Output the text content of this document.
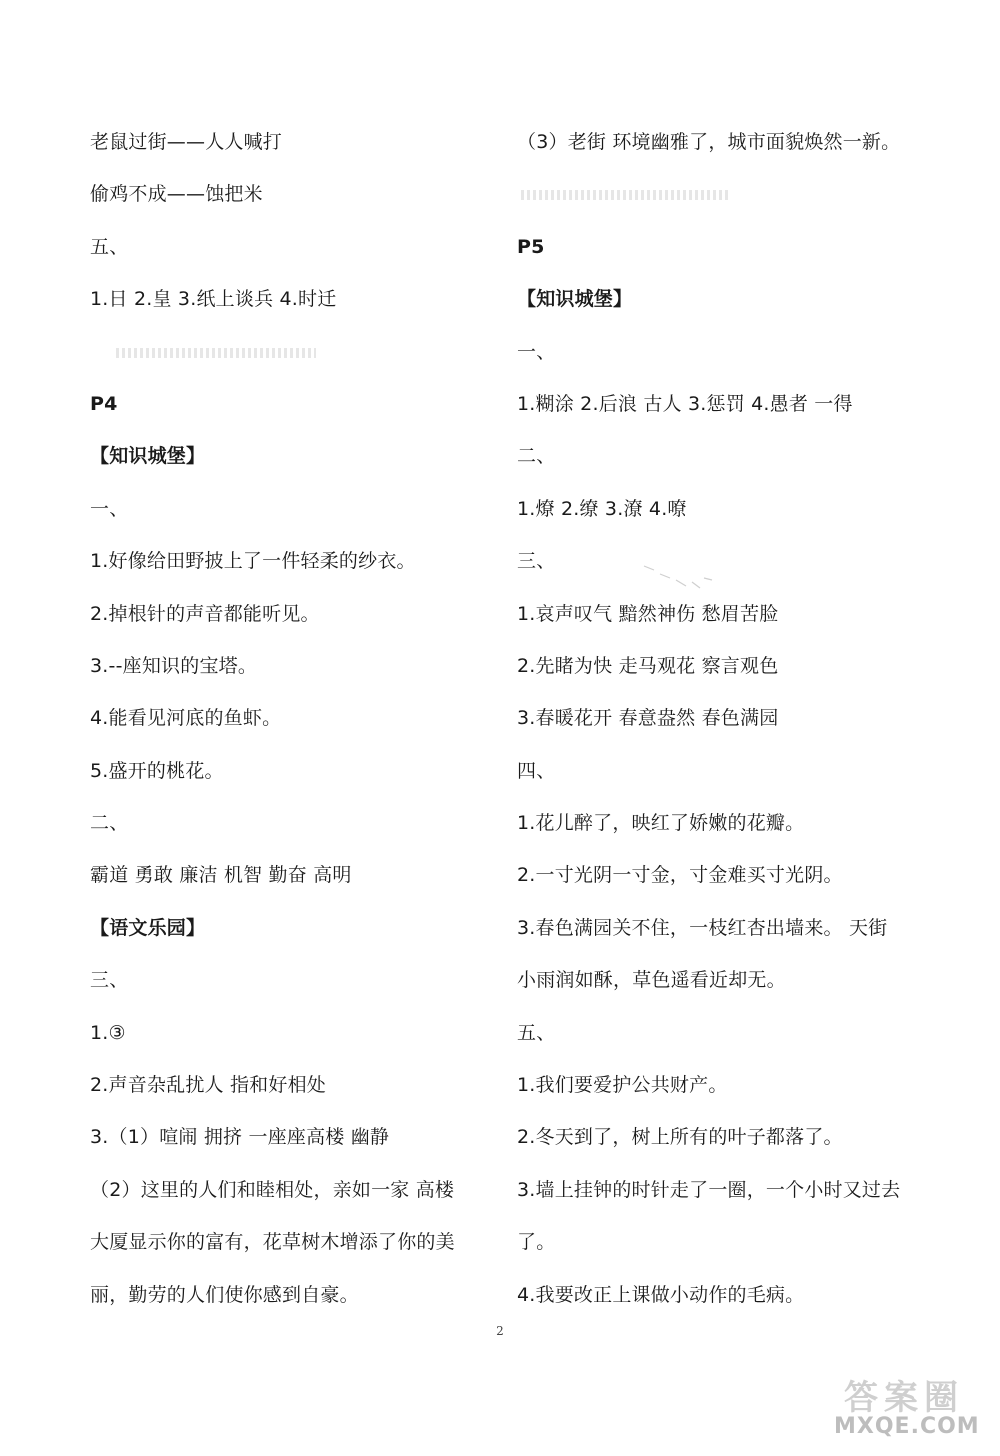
老鼠过街——人人喊打
偷鸡不成——蚀把米
五、
1.日 2.皇 3.纸上谈兵 4.时迁
P4
【知识城堡】
一、
1.好像给田野披上了一件轻柔的纱衣。
2.掉根针的声音都能听见。
3.--座知识的宝塔。
4.能看见河底的鱼虾。
5.盛开的桃花。
二、
霸道 勇敢 廉洁 机智 勤奋 高明
【语文乐园】
三、
1.③
2.声音杂乱扰人 指和好相处
3.（1）喧闹 拥挤 一座座高楼 幽静
（2）这里的人们和睦相处，亲如一家 高楼
大厦显示你的富有，花草树木增添了你的美
丽，勤劳的人们使你感到自豪。
（3）老街 环境幽雅了，城市面貌焕然一新。
P5
【知识城堡】
一、
1.糊涂 2.后浪 古人 3.惩罚 4.愚者 一得
二、
1.燎 2.缭 3.潦 4.嘹
三、
1.哀声叹气 黯然神伤 愁眉苦脸
2.先睹为快 走马观花 察言观色
3.春暖花开 春意盎然 春色满园
四、
1.花儿醉了，映红了娇嫩的花瓣。
2.一寸光阴一寸金，寸金难买寸光阴。
3.春色满园关不住，一枝红杏出墙来。 天街
小雨润如酥，草色遥看近却无。
五、
1.我们要爱护公共财产。
2.冬天到了，树上所有的叶子都落了。
3.墙上挂钟的时针走了一圈，一个小时又过去
了。
4.我要改正上课做小动作的毛病。
2
答案圈
MXQE.COM
